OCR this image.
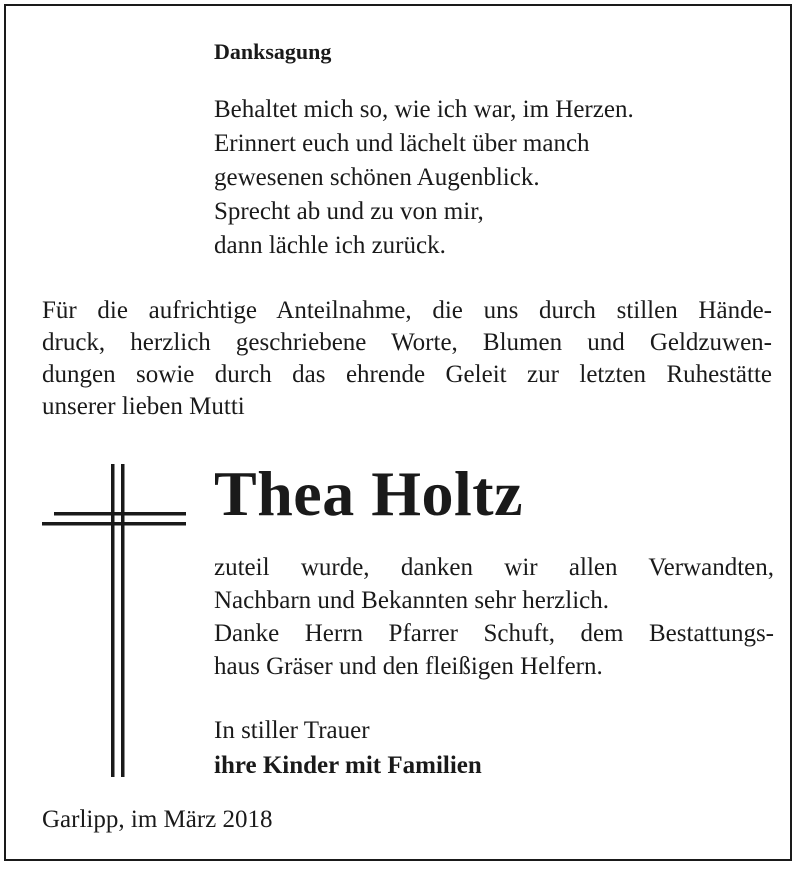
Danksagung
Behaltet mich so, wie ich war, im Herzen.
Erinnert euch und lächelt über manch
gewesenen schönen Augenblick.
Sprecht ab und zu von mir,
dann lächle ich zurück.
Für die aufrichtige Anteilnahme, die uns durch stillen Hände-
druck, herzlich geschriebene Worte, Blumen und Geldzuwen-
dungen sowie durch das ehrende Geleit zur letzten Ruhestätte
unserer lieben Mutti
Thea Holtz
zuteil wurde, danken wir allen Verwandten,
Nachbarn und Bekannten sehr herzlich.
Danke Herrn Pfarrer Schuft, dem Bestattungs-
haus Gräser und den fleißigen Helfern.
In stiller Trauer
ihre Kinder mit Familien
Garlipp, im März 2018
